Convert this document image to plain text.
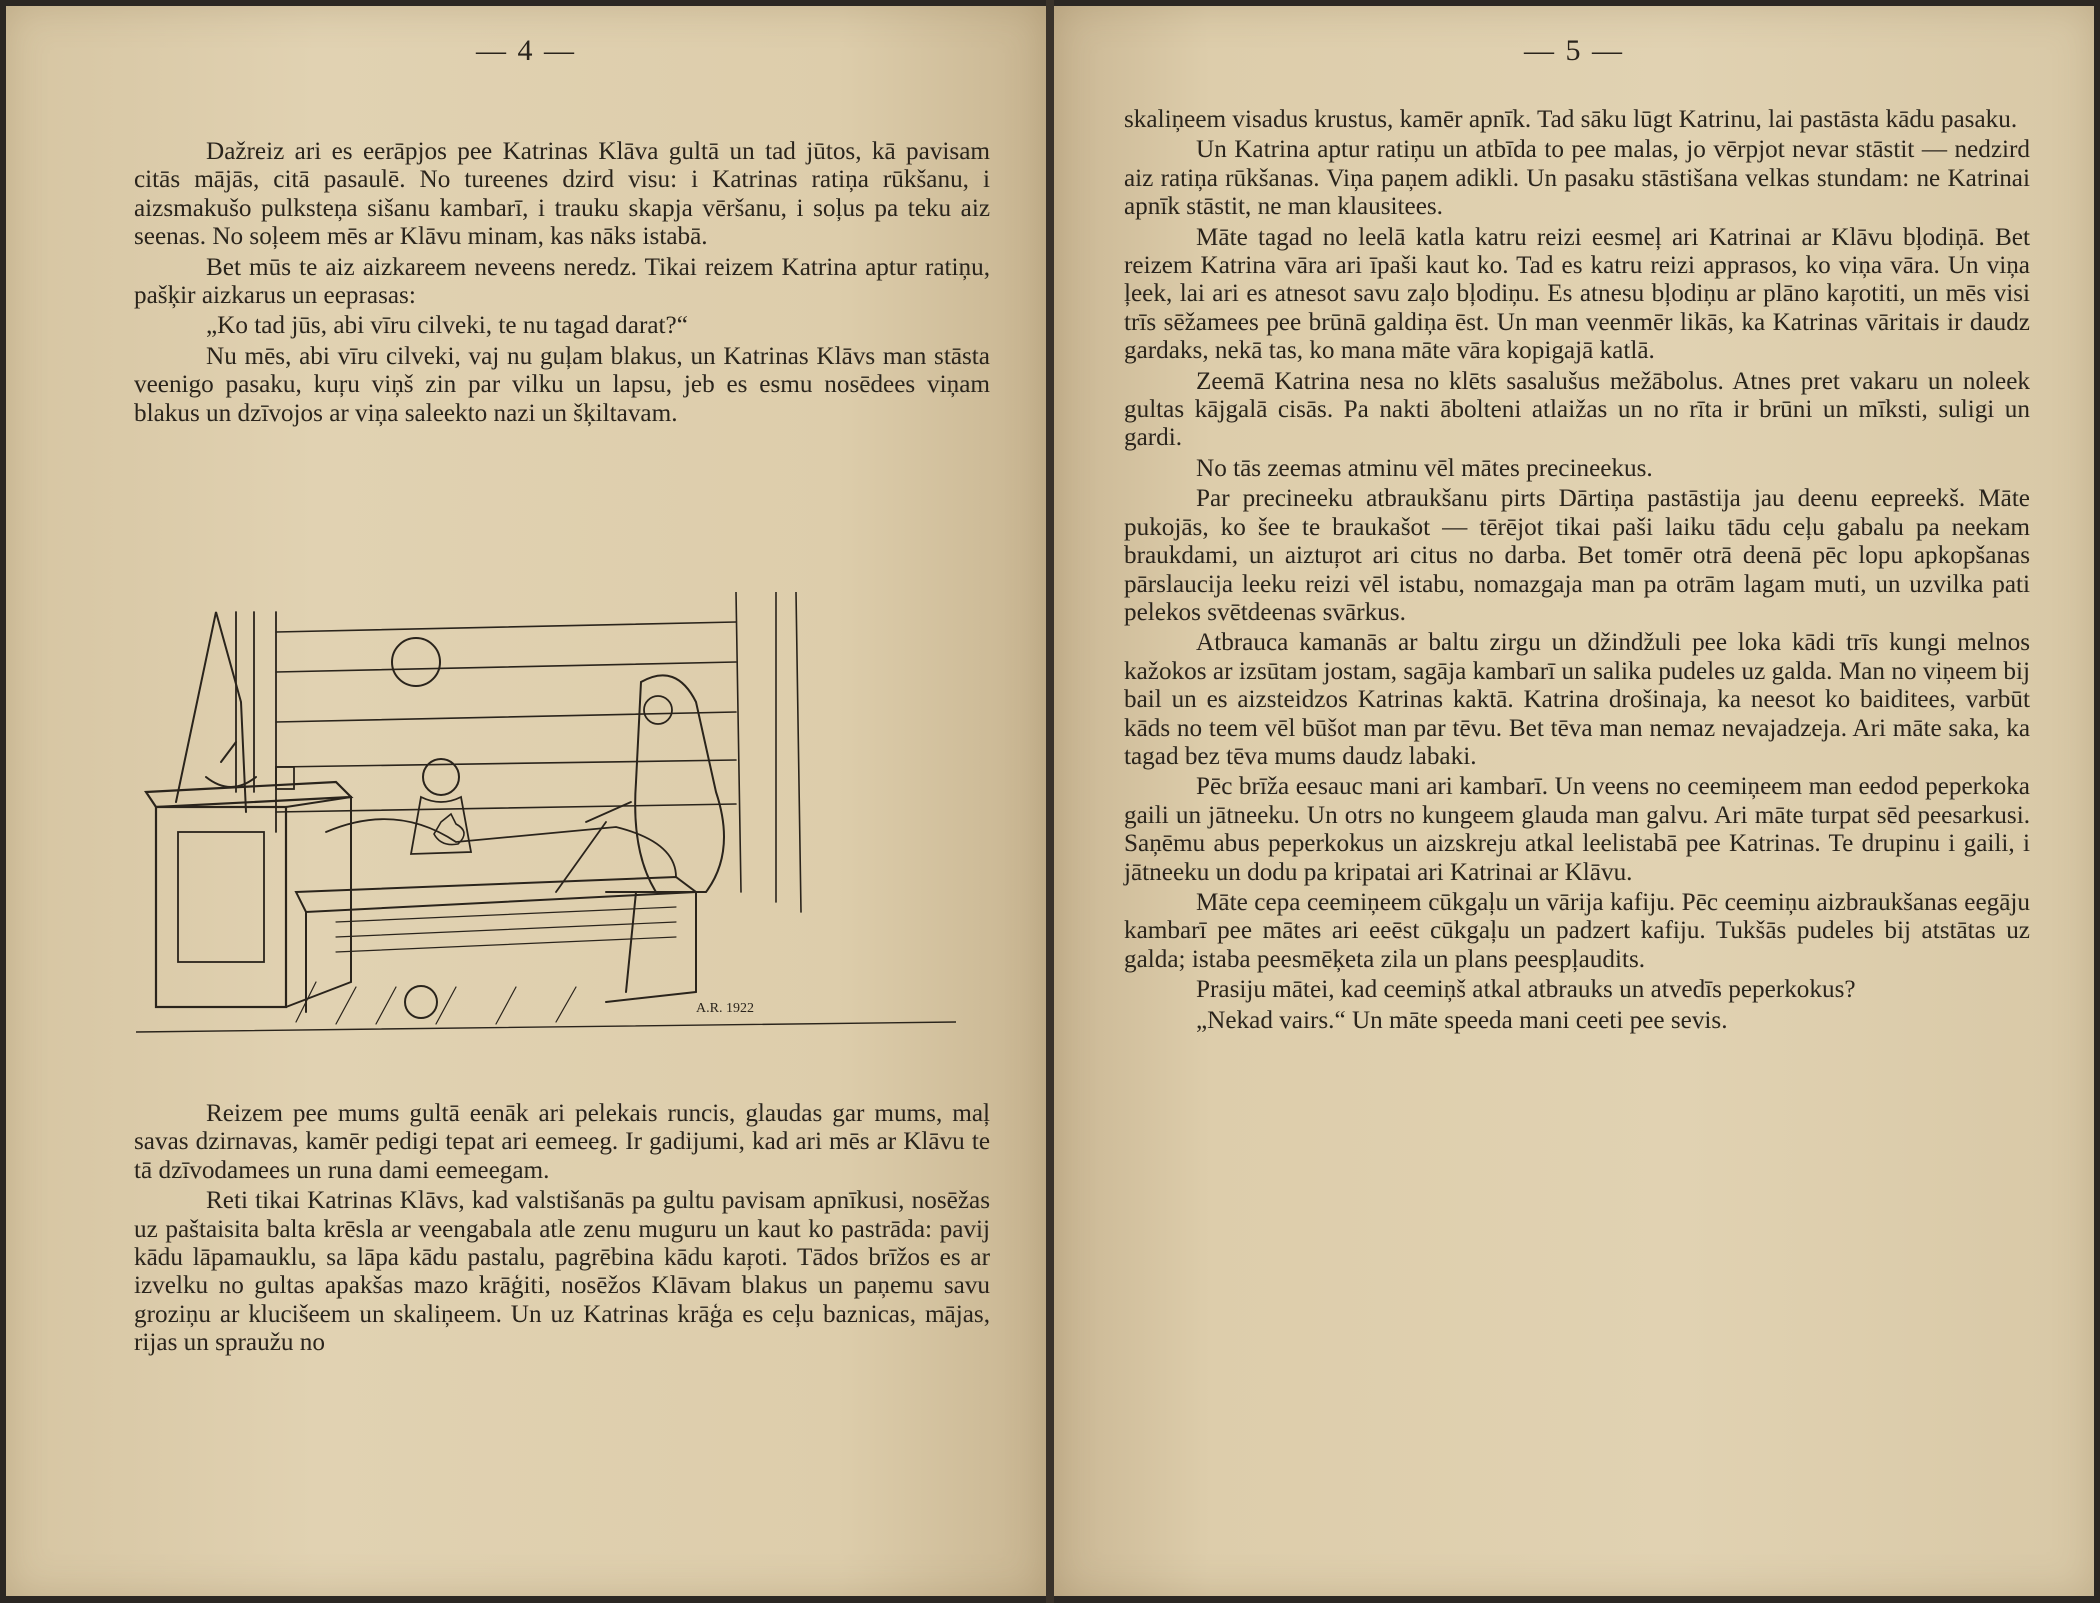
— 4 —

Dažreiz ari es eerāpjos pee Katrinas Klāva gultā un tad jūtos, kā pavisam citās mājās, citā pasaulē. No tureenes dzird visu: i Katrinas ratiņa rūkšanu, i aizsmakušo pulksteņa sišanu kambarī, i trauku skapja vēršanu, i soļus pa teku aiz seenas. No soļeem mēs ar Klāvu minam, kas nāks istabā.

Bet mūs te aiz aizkareem neveens neredz. Tikai reizem Katrina aptur ratiņu, pašķir aizkarus un eeprasas:

„Ko tad jūs, abi vīru cilveki, te nu tagad darat?“

Nu mēs, abi vīru cilveki, vaj nu guļam blakus, un Katrinas Klāvs man stāsta veenigo pasaku, kuŗu viņš zin par vilku un lapsu, jeb es esmu nosēdees viņam blakus un dzīvojos ar viņa saleekto nazi un šķiltavam.

A.R. 1922

Reizem pee mums gultā eenāk ari pelekais runcis, glaudas gar mums, maļ savas dzirnavas, kamēr pedigi tepat ari eemeeg. Ir gadijumi, kad ari mēs ar Klāvu te tā dzīvodamees un runa dami eemeegam.

Reti tikai Katrinas Klāvs, kad valstišanās pa gultu pavisam apnīkusi, nosēžas uz paštaisita balta krēsla ar veengabala atle zenu muguru un kaut ko pastrāda: pavij kādu lāpamauklu, sa lāpa kādu pastalu, pagrēbina kādu kaŗoti. Tādos brīžos es ar izvelku no gultas apakšas mazo krāģiti, nosēžos Klāvam blakus un paņemu savu groziņu ar klucišeem un skaliņeem. Un uz Katrinas krāģa es ceļu baznicas, mājas, rijas un spraužu no

— 5 —

skaliņeem visadus krustus, kamēr apnīk. Tad sāku lūgt Katrinu, lai pastāsta kādu pasaku.

Un Katrina aptur ratiņu un atbīda to pee malas, jo vērpjot nevar stāstit — nedzird aiz ratiņa rūkšanas. Viņa paņem adikli. Un pasaku stāstišana velkas stundam: ne Katrinai apnīk stāstit, ne man klausitees.

Māte tagad no leelā katla katru reizi eesmeļ ari Katrinai ar Klāvu bļodiņā. Bet reizem Katrina vāra ari īpaši kaut ko. Tad es katru reizi apprasos, ko viņa vāra. Un viņa ļeek, lai ari es atnesot savu zaļo bļodiņu. Es atnesu bļodiņu ar plāno kaŗotiti, un mēs visi trīs sēžamees pee brūnā galdiņa ēst. Un man veenmēr likās, ka Katrinas vāritais ir daudz gardaks, nekā tas, ko mana māte vāra kopigajā katlā.

Zeemā Katrina nesa no klēts sasalušus mežābolus. Atnes pret vakaru un noleek gultas kājgalā cisās. Pa nakti ābolteni atlaižas un no rīta ir brūni un mīksti, suligi un gardi.

No tās zeemas atminu vēl mātes precineekus.

Par precineeku atbraukšanu pirts Dārtiņa pastāstija jau deenu eepreekš. Māte pukojās, ko šee te braukašot — tērējot tikai paši laiku tādu ceļu gabalu pa neekam braukdami, un aiztuŗot ari citus no darba. Bet tomēr otrā deenā pēc lopu apkopšanas pārslaucija leeku reizi vēl istabu, nomazgaja man pa otrām lagam muti, un uzvilka pati pelekos svētdeenas svārkus.

Atbrauca kamanās ar baltu zirgu un džindžuli pee loka kādi trīs kungi melnos kažokos ar izsūtam jostam, sagāja kambarī un salika pudeles uz galda. Man no viņeem bij bail un es aizsteidzos Katrinas kaktā. Katrina drošinaja, ka neesot ko baiditees, varbūt kāds no teem vēl būšot man par tēvu. Bet tēva man nemaz nevajadzeja. Ari māte saka, ka tagad bez tēva mums daudz labaki.

Pēc brīža eesauc mani ari kambarī. Un veens no ceemiņeem man eedod peperkoka gaili un jātneeku. Un otrs no kungeem glauda man galvu. Ari māte turpat sēd peesarkusi. Saņēmu abus peperkokus un aizskreju atkal leelistabā pee Katrinas. Te drupinu i gaili, i jātneeku un dodu pa kripatai ari Katrinai ar Klāvu.

Māte cepa ceemiņeem cūkgaļu un vārija kafiju. Pēc ceemiņu aizbraukšanas eegāju kambarī pee mātes ari eeēst cūkgaļu un padzert kafiju. Tukšās pudeles bij atstātas uz galda; istaba peesmēķeta zila un plans peespļaudits.

Prasiju mātei, kad ceemiņš atkal atbrauks un atvedīs peperkokus?

„Nekad vairs.“ Un māte speeda mani ceeti pee sevis.
